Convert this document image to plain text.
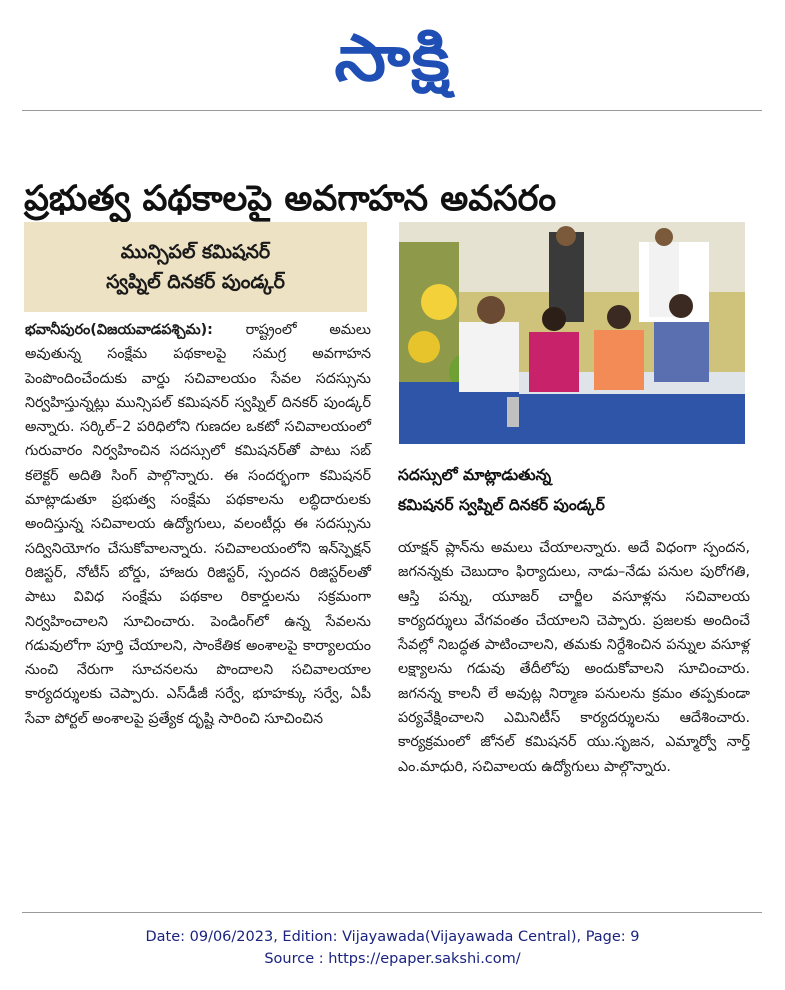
సాక్షి
ప్రభుత్వ పథకాలపై అవగాహన అవసరం
మున్సిపల్ కమిషనర్
స్వప్నిల్ దినకర్ పుండ్కర్

భవానీపురం(విజయవాడపశ్చిమ): రాష్ట్రంలో అమలు అవుతున్న సంక్షేమ పథకాలపై సమగ్ర అవగాహన పెంపొందించేందుకు వార్డు సచివాలయం సేవల సదస్సును నిర్వహిస్తున్నట్లు మున్సిపల్ కమిషనర్ స్వప్నిల్ దినకర్ పుండ్కర్ అన్నారు. సర్కిల్–2 పరిధిలోని గుణదల ఒకటో సచివాలయంలో గురువారం నిర్వహించిన సదస్సులో కమిషనర్‌తో పాటు సబ్ కలెక్టర్ అదితి సింగ్ పాల్గొన్నారు. ఈ సందర్భంగా కమిషనర్ మాట్లాడుతూ ప్రభుత్వ సంక్షేమ పథకాలను లబ్ధిదారులకు అందిస్తున్న సచివాలయ ఉద్యోగులు, వలంటీర్లు ఈ సదస్సును సద్వినియోగం చేసుకోవాలన్నారు. సచివాలయంలోని ఇన్‌స్పెక్షన్ రిజిస్టర్, నోటీస్ బోర్డు, హాజరు రిజిస్టర్, స్పందన రిజిస్టర్‌లతో పాటు వివిధ సంక్షేమ పథకాల రికార్డులను సక్రమంగా నిర్వహించాలని సూచించారు. పెండింగ్‌లో ఉన్న సేవలను గడువులోగా పూర్తి చేయాలని, సాంకేతిక అంశాలపై కార్యాలయం నుంచి నేరుగా సూచనలను పొందాలని సచివాలయాల కార్యదర్శులకు చెప్పారు. ఎస్‌డీజీ సర్వే, భూహక్కు సర్వే, ఏపీ సేవా పోర్టల్ అంశాలపై ప్రత్యేక దృష్టి సారించి సూచించిన

సదస్సులో మాట్లాడుతున్న
కమిషనర్ స్వప్నిల్ దినకర్ పుండ్కర్

యాక్షన్ ప్లాన్‌ను అమలు చేయాలన్నారు. అదే విధంగా స్పందన, జగనన్నకు చెబుదాం ఫిర్యాదులు, నాడు–నేడు పనుల పురోగతి, ఆస్తి పన్ను, యూజర్ చార్జీల వసూళ్లను సచివాలయ కార్యదర్శులు వేగవంతం చేయాలని చెప్పారు. ప్రజలకు అందించే సేవల్లో నిబద్ధత పాటించాలని, తమకు నిర్దేశించిన పన్నుల వసూళ్ల లక్ష్యాలను గడువు తేదీలోపు అందుకోవాలని సూచించారు. జగనన్న కాలనీ లే అవుట్ల నిర్మాణ పనులను క్రమం తప్పకుండా పర్యవేక్షించాలని ఎమినిటీస్ కార్యదర్శులను ఆదేశించారు. కార్యక్రమంలో జోనల్ కమిషనర్ యు.సృజన, ఎమ్మార్వో నార్త్ ఎం.మాధురి, సచివాలయ ఉద్యోగులు పాల్గొన్నారు.

Date: 09/06/2023, Edition: Vijayawada(Vijayawada Central), Page: 9
Source : https://epaper.sakshi.com/
